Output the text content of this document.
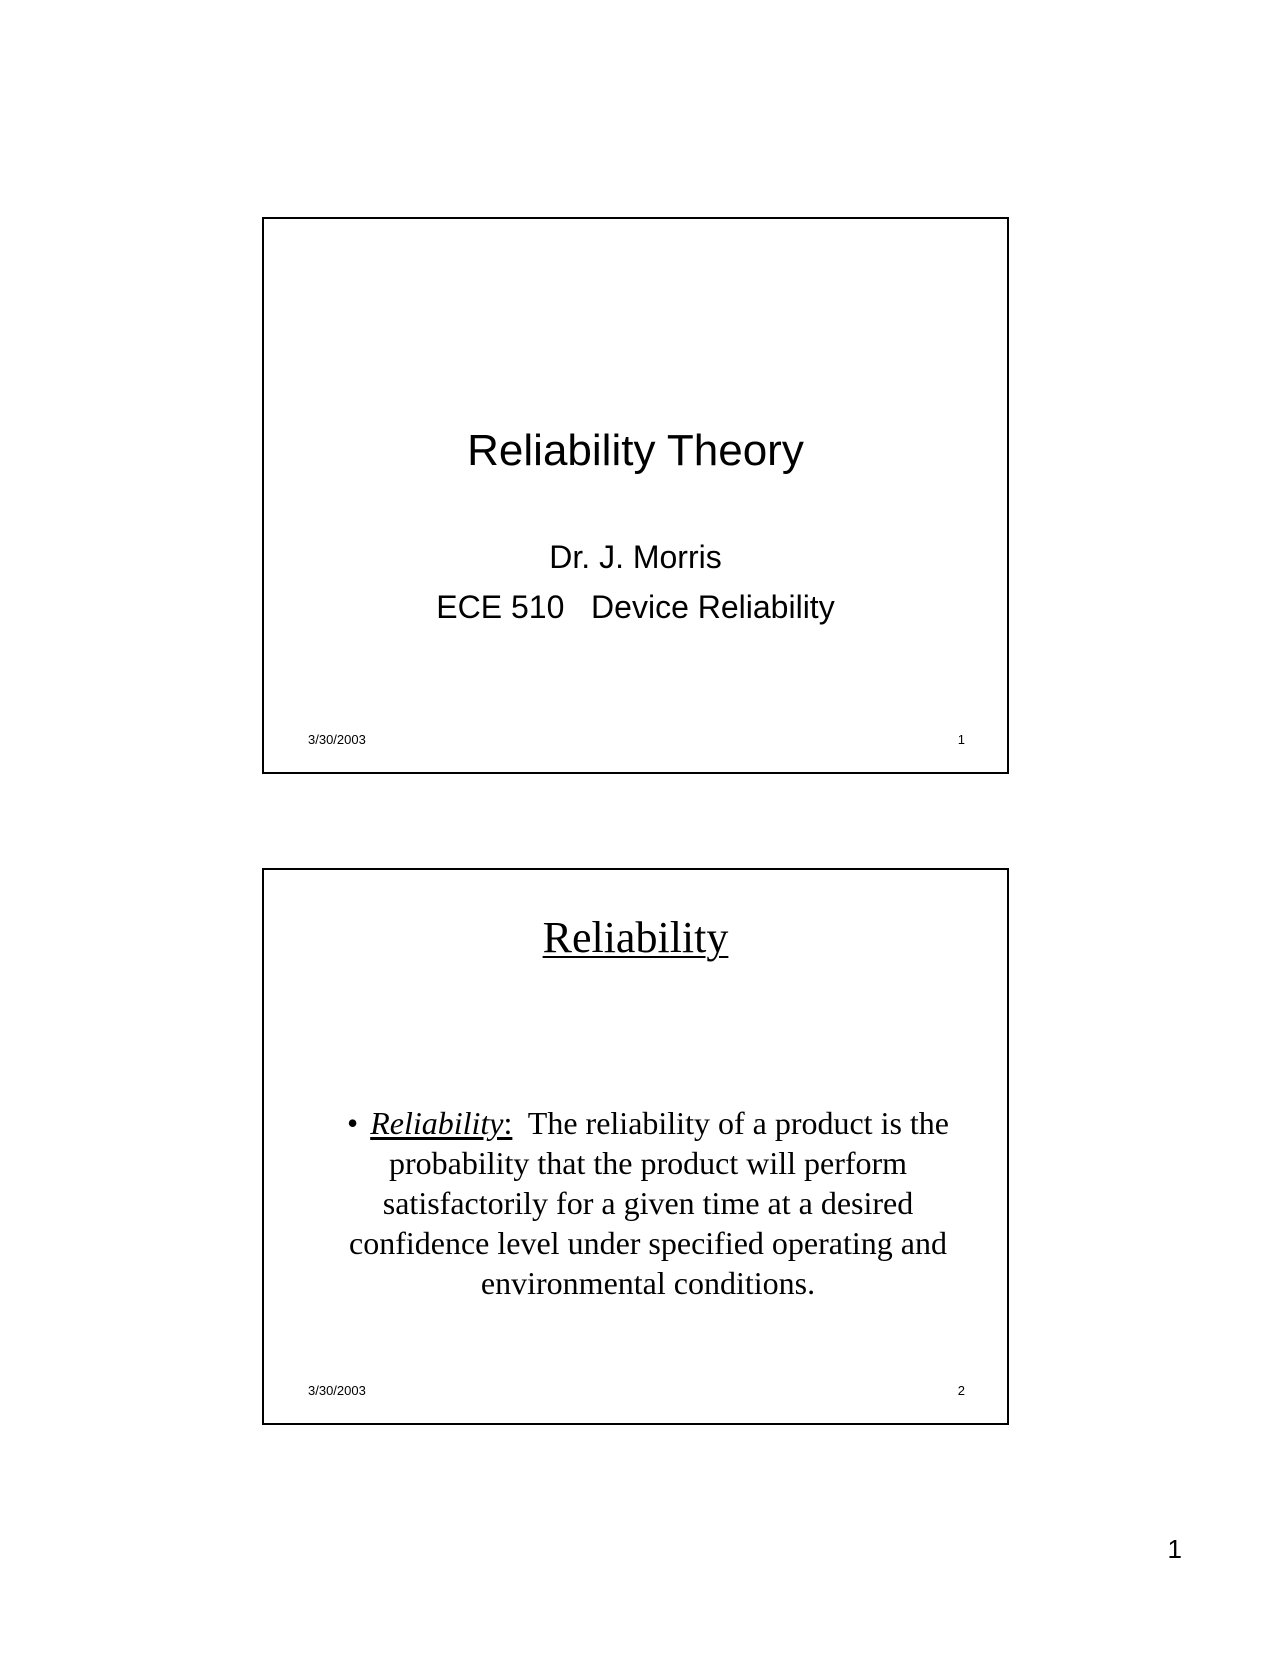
Reliability Theory
Dr. J. Morris
ECE 510   Device Reliability
3/30/2003	1
Reliability
• Reliability:  The reliability of a product is the probability that the product will perform satisfactorily for a given time at a desired confidence level under specified operating and environmental conditions.
3/30/2003	2
1
